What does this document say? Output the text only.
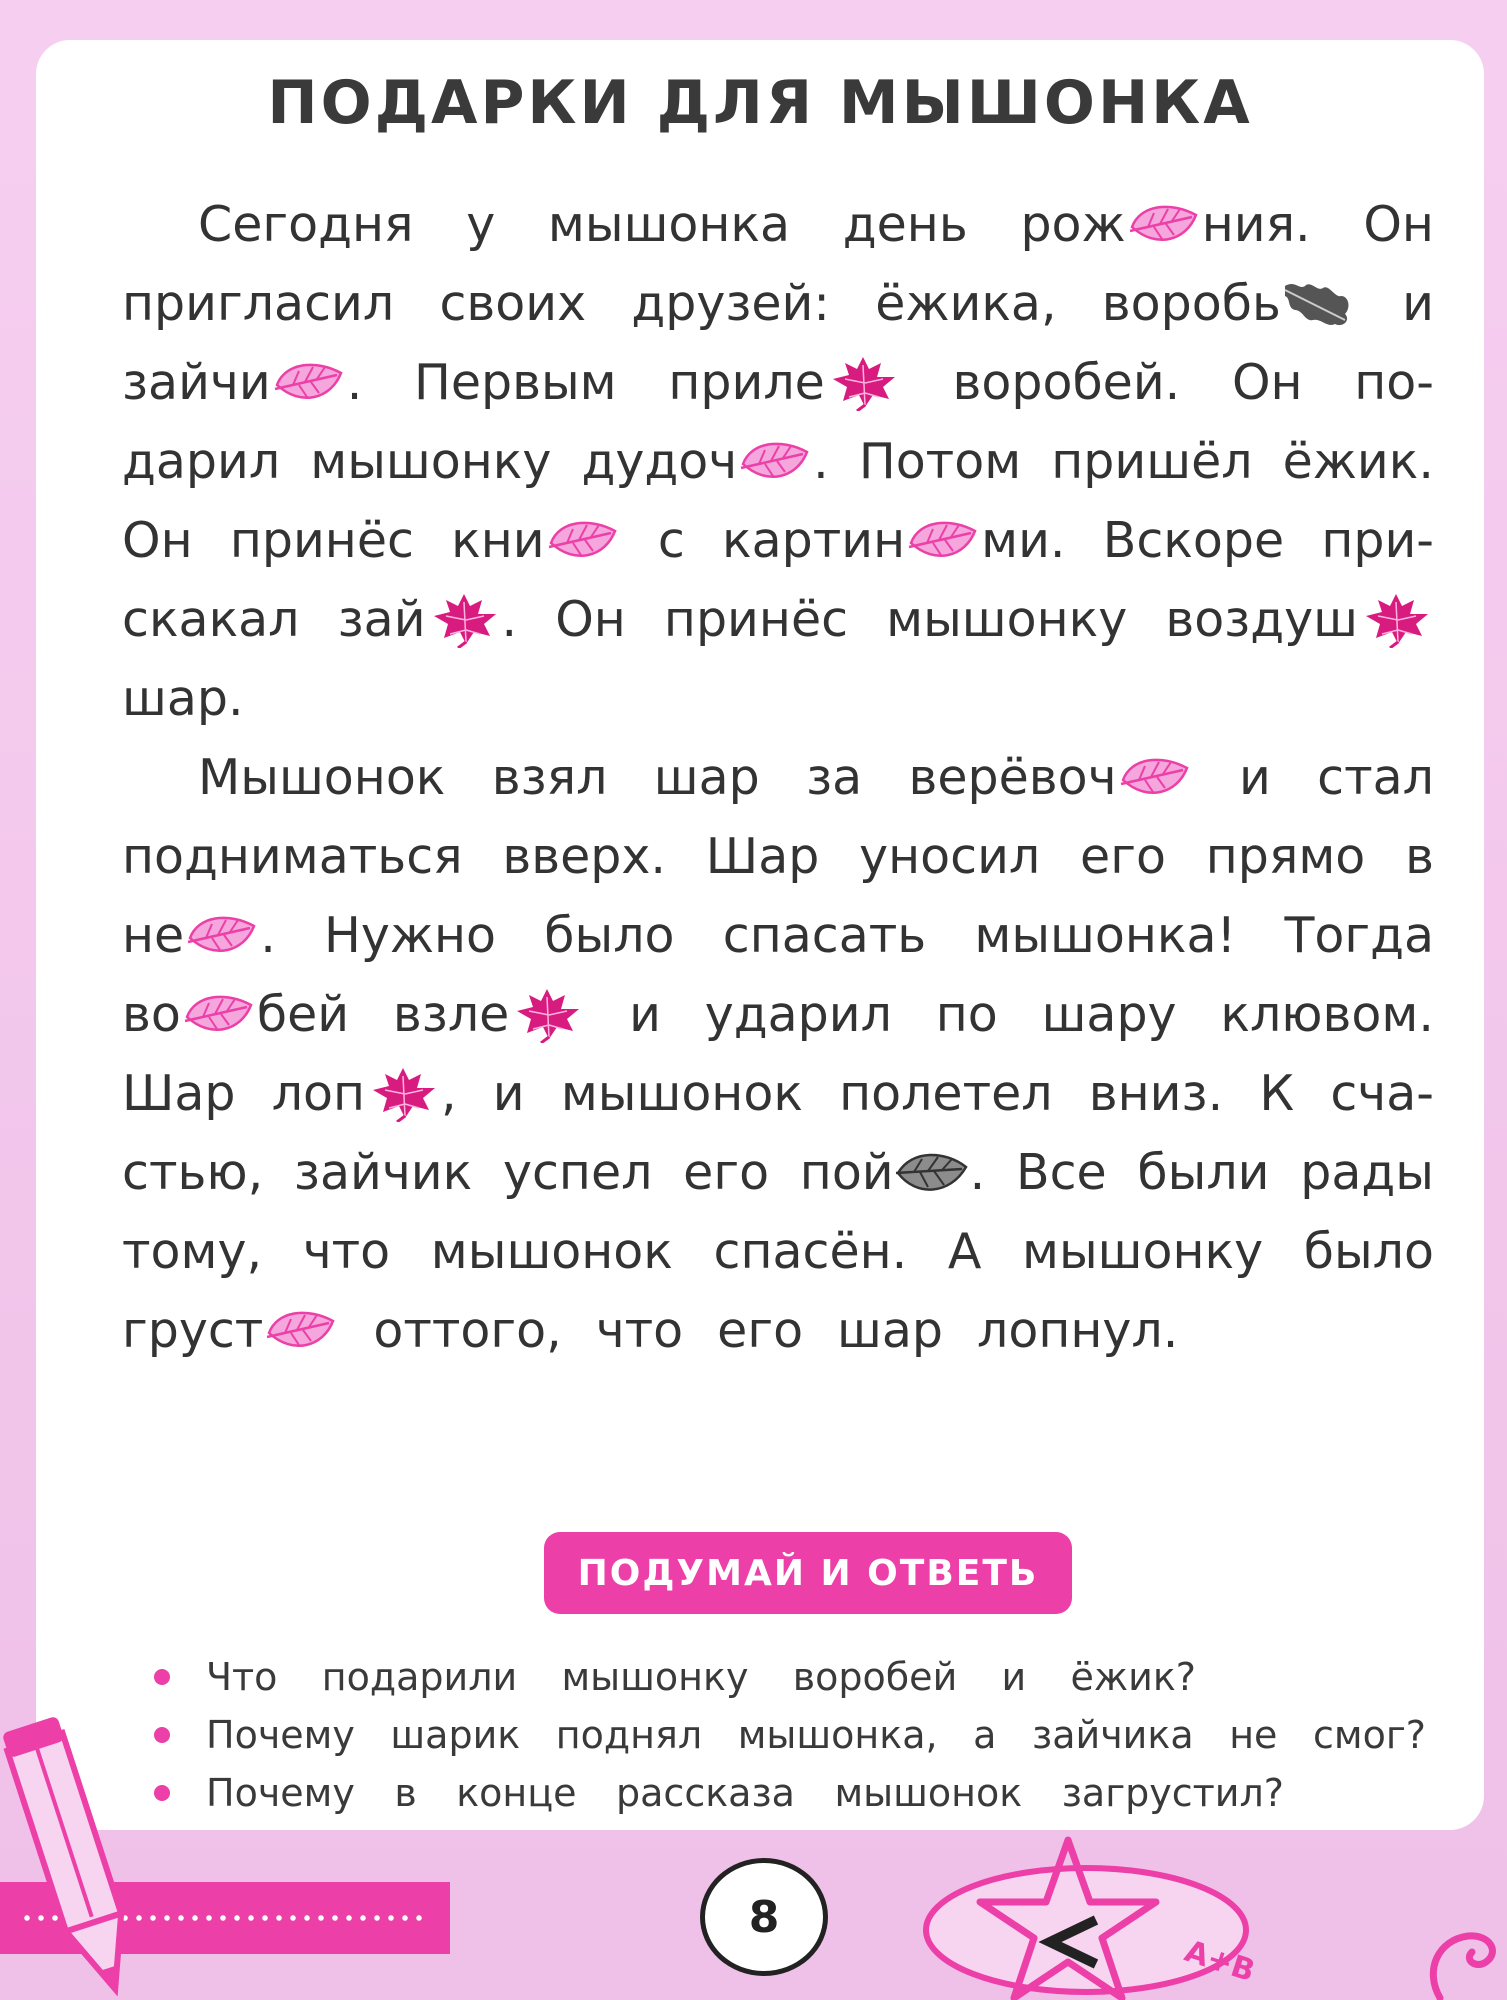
ПОДАРКИ ДЛЯ МЫШОНКА
Сегодня у мышонка день рож ния. Он
пригласил своих друзей: ёжика, воробь и
зайчи . Первым приле	воробей. Он по-
дарил мышонку дудоч . Потом пришёл ёжик.
Он принёс кни с картин ми. Вскоре при-
скакал зай . Он принёс мышонку воздуш
шар.
Мышонок взял шар за верёвоч и стал
подниматься вверх. Шар уносил его прямо в
не . Нужно было спасать мышонка! Тогда
во бей взле и ударил по шару клювом.
Шар лоп , и мышонок полетел вниз. К сча-
стью, зайчик успел его пой . Все были рады
тому, что мышонок спасён. А мышонку было
груст оттого, что его шар лопнул.
ПОДУМАЙ И ОТВЕТЬ
Что подарили мышонку воробей и ёжик?
Почему шарик поднял мышонка, а зайчика не смог?
Почему в конце рассказа мышонок загрустил?
8
A+B
